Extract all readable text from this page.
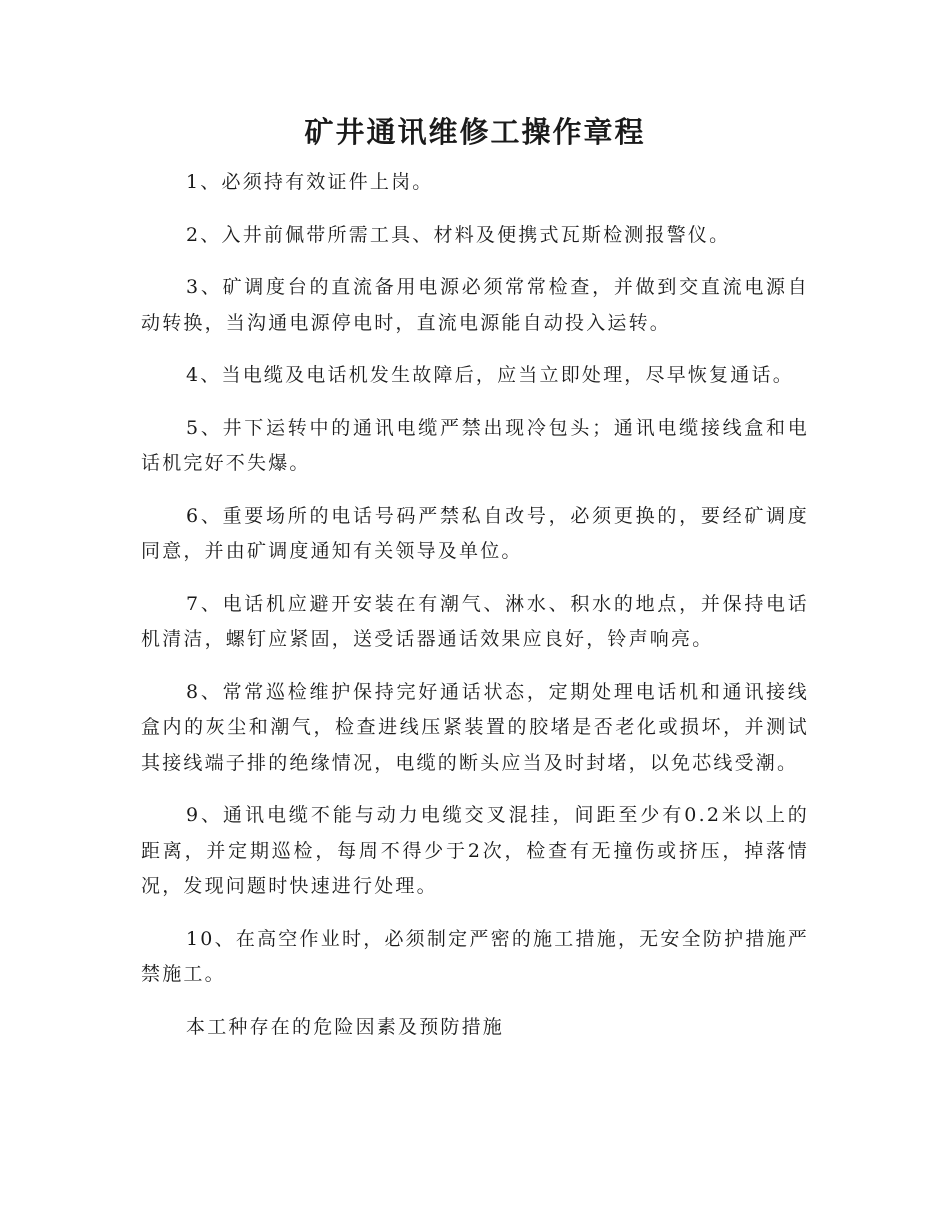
矿井通讯维修工操作章程

1、必须持有效证件上岗。

2、入井前佩带所需工具、材料及便携式瓦斯检测报警仪。

3、矿调度台的直流备用电源必须常常检查，并做到交直流电源自动转换，当沟通电源停电时，直流电源能自动投入运转。

4、当电缆及电话机发生故障后，应当立即处理，尽早恢复通话。

5、井下运转中的通讯电缆严禁出现冷包头；通讯电缆接线盒和电话机完好不失爆。

6、重要场所的电话号码严禁私自改号，必须更换的，要经矿调度同意，并由矿调度通知有关领导及单位。

7、电话机应避开安装在有潮气、淋水、积水的地点，并保持电话机清洁，螺钉应紧固，送受话器通话效果应良好，铃声响亮。

8、常常巡检维护保持完好通话状态，定期处理电话机和通讯接线盒内的灰尘和潮气，检查进线压紧装置的胶堵是否老化或损坏，并测试其接线端子排的绝缘情况，电缆的断头应当及时封堵，以免芯线受潮。

9、通讯电缆不能与动力电缆交叉混挂，间距至少有0.2米以上的距离，并定期巡检，每周不得少于2次，检查有无撞伤或挤压，掉落情况，发现问题时快速进行处理。

10、在高空作业时，必须制定严密的施工措施，无安全防护措施严禁施工。

本工种存在的危险因素及预防措施
